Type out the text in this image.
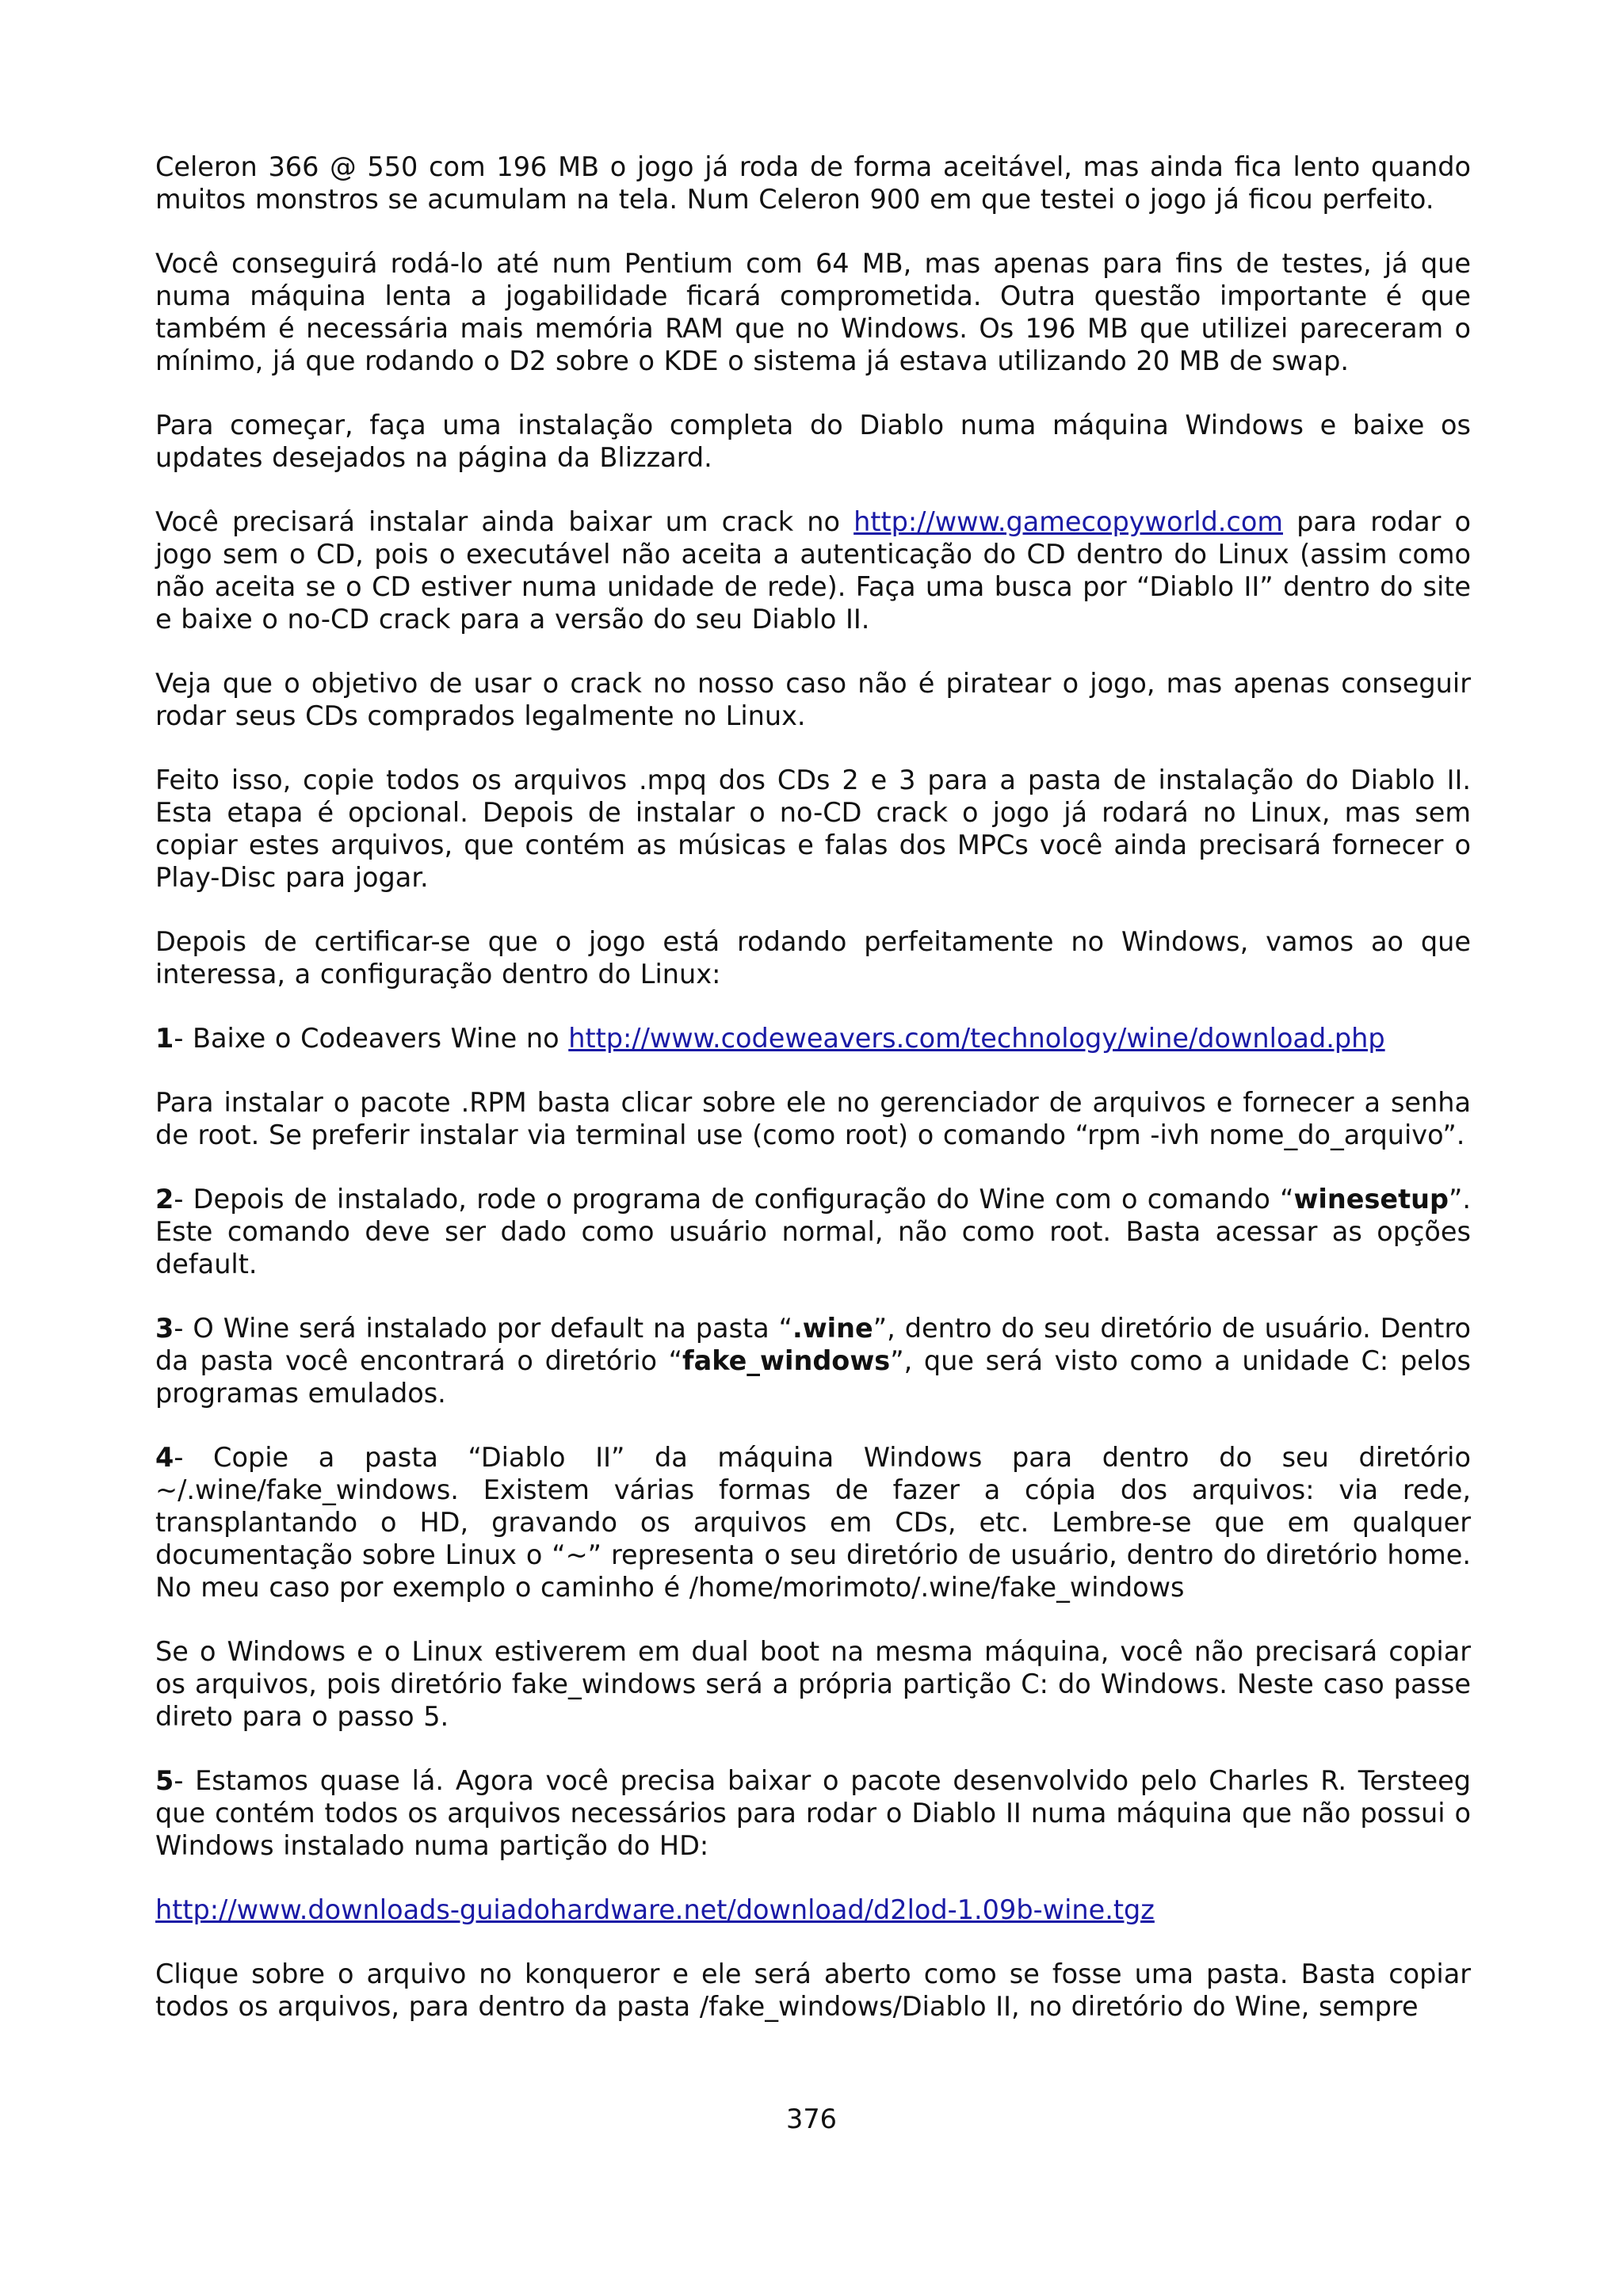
Celeron 366 @ 550 com 196 MB o jogo já roda de forma aceitável, mas ainda fica lento quando muitos monstros se acumulam na tela. Num Celeron 900 em que testei o jogo já ficou perfeito.

Você conseguirá rodá-lo até num Pentium com 64 MB, mas apenas para fins de testes, já que numa máquina lenta a jogabilidade ficará comprometida. Outra questão importante é que também é necessária mais memória RAM que no Windows. Os 196 MB que utilizei pareceram o mínimo, já que rodando o D2 sobre o KDE o sistema já estava utilizando 20 MB de swap.

Para começar, faça uma instalação completa do Diablo numa máquina Windows e baixe os updates desejados na página da Blizzard.

Você precisará instalar ainda baixar um crack no http://www.gamecopyworld.com para rodar o jogo sem o CD, pois o executável não aceita a autenticação do CD dentro do Linux (assim como não aceita se o CD estiver numa unidade de rede). Faça uma busca por “Diablo II” dentro do site e baixe o no-CD crack para a versão do seu Diablo II.

Veja que o objetivo de usar o crack no nosso caso não é piratear o jogo, mas apenas conseguir rodar seus CDs comprados legalmente no Linux.

Feito isso, copie todos os arquivos .mpq dos CDs 2 e 3 para a pasta de instalação do Diablo II. Esta etapa é opcional. Depois de instalar o no-CD crack o jogo já rodará no Linux, mas sem copiar estes arquivos, que contém as músicas e falas dos MPCs você ainda precisará fornecer o Play-Disc para jogar.

Depois de certificar-se que o jogo está rodando perfeitamente no Windows, vamos ao que interessa, a configuração dentro do Linux:

1- Baixe o Codeavers Wine no http://www.codeweavers.com/technology/wine/download.php

Para instalar o pacote .RPM basta clicar sobre ele no gerenciador de arquivos e fornecer a senha de root. Se preferir instalar via terminal use (como root) o comando “rpm -ivh nome_do_arquivo”.

2- Depois de instalado, rode o programa de configuração do Wine com o comando “winesetup”. Este comando deve ser dado como usuário normal, não como root. Basta acessar as opções default.

3- O Wine será instalado por default na pasta “.wine”, dentro do seu diretório de usuário. Dentro da pasta você encontrará o diretório “fake_windows”, que será visto como a unidade C: pelos programas emulados.

4- Copie a pasta “Diablo II” da máquina Windows para dentro do seu diretório ~/.wine/fake_windows. Existem várias formas de fazer a cópia dos arquivos: via rede, transplantando o HD, gravando os arquivos em CDs, etc. Lembre-se que em qualquer documentação sobre Linux o “~” representa o seu diretório de usuário, dentro do diretório home. No meu caso por exemplo o caminho é /home/morimoto/.wine/fake_windows

Se o Windows e o Linux estiverem em dual boot na mesma máquina, você não precisará copiar os arquivos, pois diretório fake_windows será a própria partição C: do Windows. Neste caso passe direto para o passo 5.

5- Estamos quase lá. Agora você precisa baixar o pacote desenvolvido pelo Charles R. Tersteeg que contém todos os arquivos necessários para rodar o Diablo II numa máquina que não possui o Windows instalado numa partição do HD:

http://www.downloads-guiadohardware.net/download/d2lod-1.09b-wine.tgz

Clique sobre o arquivo no konqueror e ele será aberto como se fosse uma pasta. Basta copiar todos os arquivos, para dentro da pasta /fake_windows/Diablo II, no diretório do Wine, sempre

376
